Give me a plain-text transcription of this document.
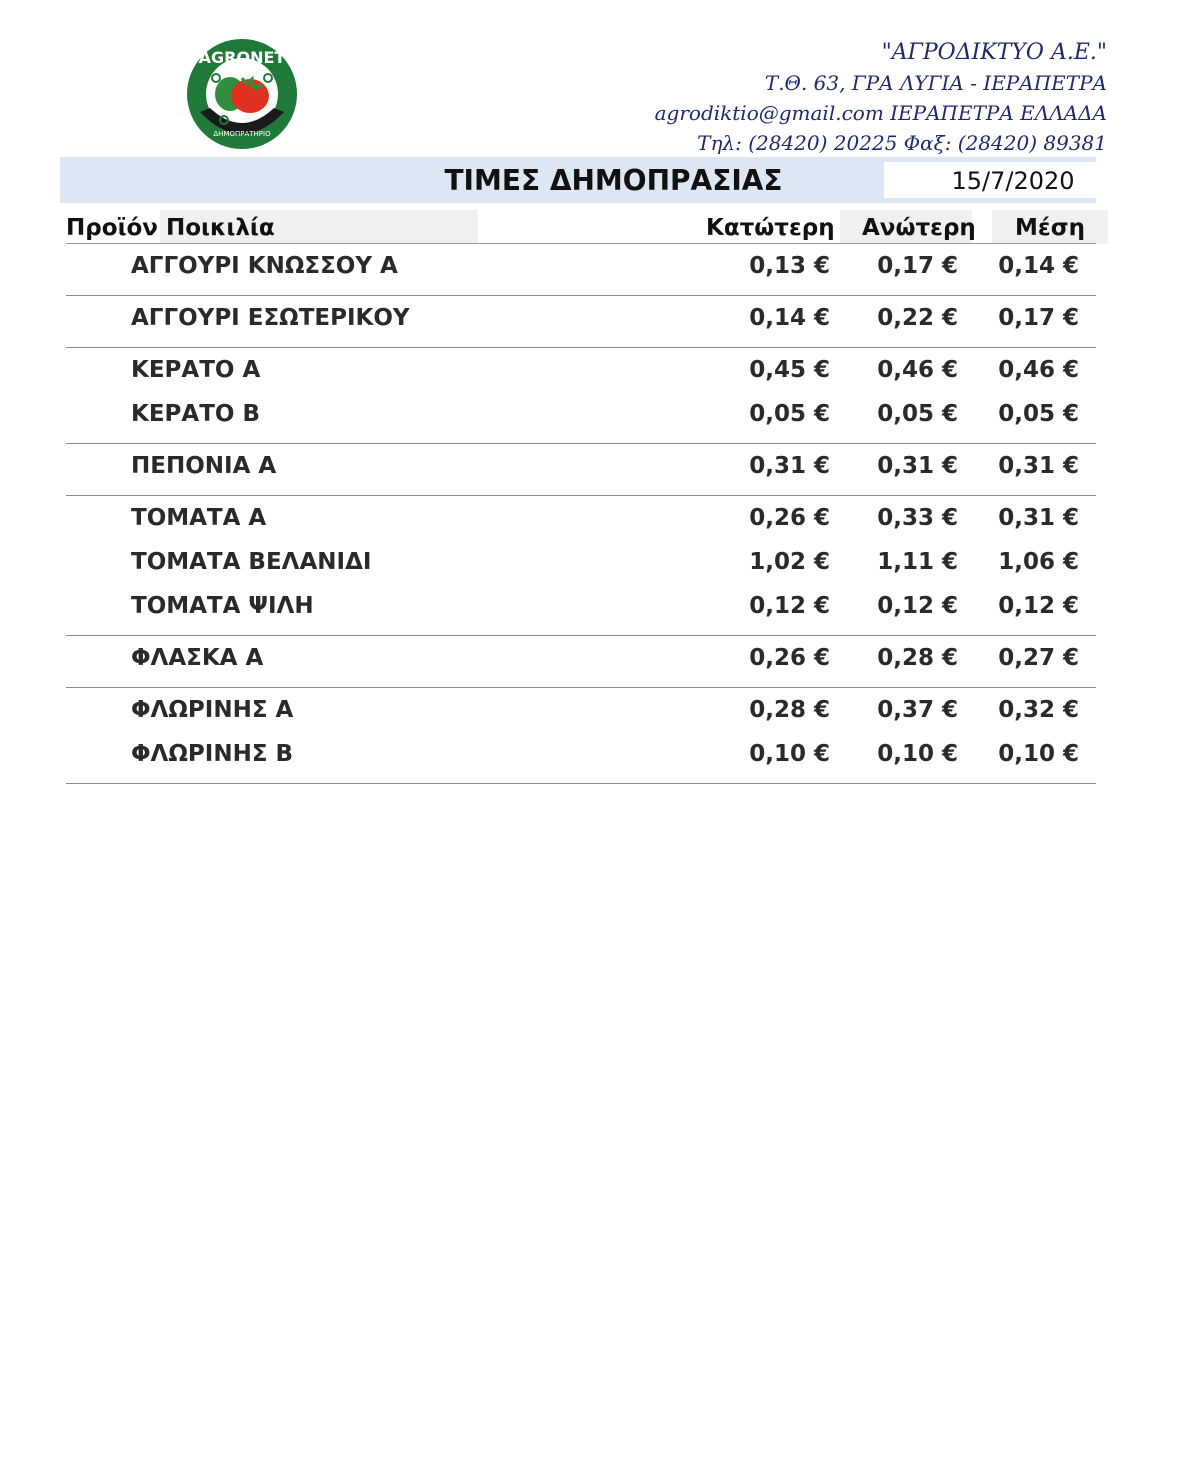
AGRONET
ΔΗΜΟΠΡΑΤΗΡΙΟ
"ΑΓΡΟΔΙΚΤΥΟ Α.Ε."
Τ.Θ. 63, ΓΡΑ ΛΥΓΙΑ - ΙΕΡΑΠΕΤΡΑ
agrodiktio@gmail.com ΙΕΡΑΠΕΤΡΑ ΕΛΛΑΔΑ
Τηλ: (28420) 20225 Φαξ: (28420) 89381
ΤΙΜΕΣ ΔΗΜΟΠΡΑΣΙΑΣ	15/7/2020
Προϊόν Ποικιλία	Κατώτερη Ανώτερη Μέση
ΑΓΓΟΥΡΙ ΚΝΩΣΣΟΥ Α	0,13 € 0,17 € 0,14 €
ΑΓΓΟΥΡΙ ΕΣΩΤΕΡΙΚΟΥ	0,14 € 0,22 € 0,17 €
ΚΕΡΑΤΟ Α	0,45 € 0,46 € 0,46 €
ΚΕΡΑΤΟ Β	0,05 € 0,05 € 0,05 €
ΠΕΠΟΝΙΑ Α	0,31 € 0,31 € 0,31 €
ΤΟΜΑΤΑ Α	0,26 € 0,33 € 0,31 €
ΤΟΜΑΤΑ ΒΕΛΑΝΙΔΙ	1,02 € 1,11 € 1,06 €
ΤΟΜΑΤΑ ΨΙΛΗ	0,12 € 0,12 € 0,12 €
ΦΛΑΣΚΑ Α	0,26 € 0,28 € 0,27 €
ΦΛΩΡΙΝΗΣ Α	0,28 € 0,37 € 0,32 €
ΦΛΩΡΙΝΗΣ Β	0,10 € 0,10 € 0,10 €
